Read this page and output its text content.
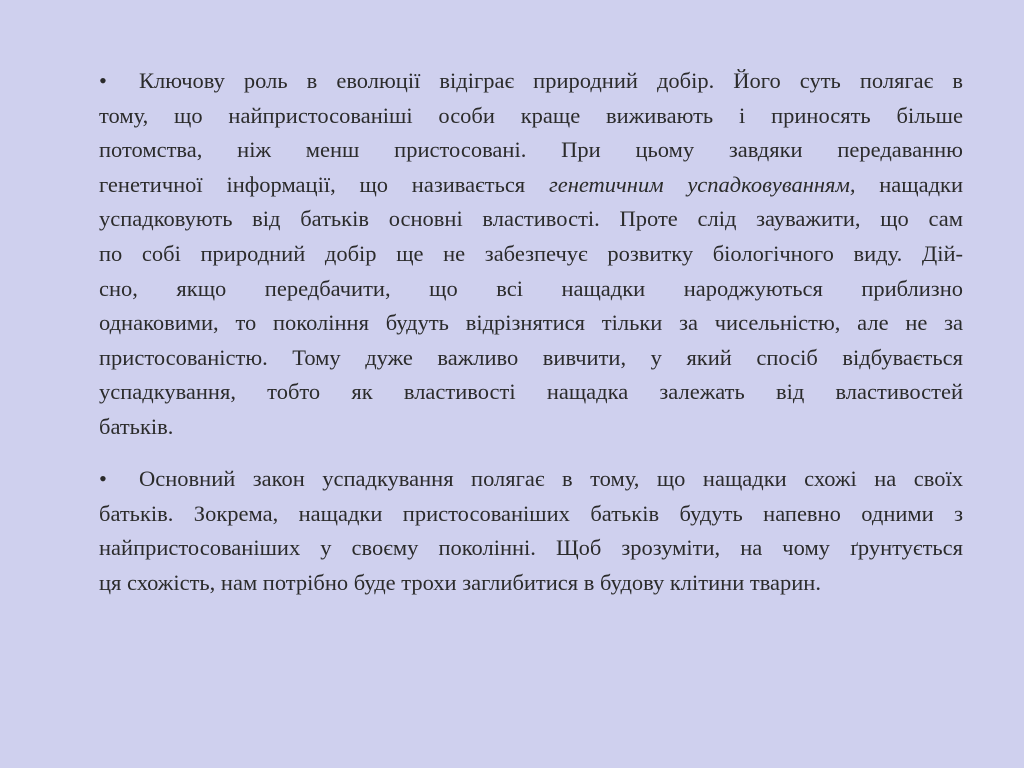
•	Ключову роль в еволюції відіграє природний добір. Його суть полягає в
тому, що найпристосованіші особи краще виживають і приносять більше
потомства, ніж менш пристосовані. При цьому завдяки передаванню
генетичної інформації, що називається генетичним успадковуванням, нащадки
успадковують від батьків основні властивості. Проте слід зауважити, що сам
по собі природний добір ще не забезпечує розвитку біологічного виду. Дій-
сно, якщо передбачити, що всі нащадки народжуються приблизно
однаковими, то покоління будуть відрізнятися тільки за чисельністю, але не за
пристосованістю. Тому дуже важливо вивчити, у який спосіб відбувається
успадкування, тобто як властивості нащадка залежать від властивостей
батьків.
•	Основний закон успадкування полягає в тому, що нащадки схожі на своїх
батьків. Зокрема, нащадки пристосованіших батьків будуть напевно одними з
найпристосованіших у своєму поколінні. Щоб зрозуміти, на чому ґрунтується
ця схожість, нам потрібно буде трохи заглибитися в будову клітини тварин.
